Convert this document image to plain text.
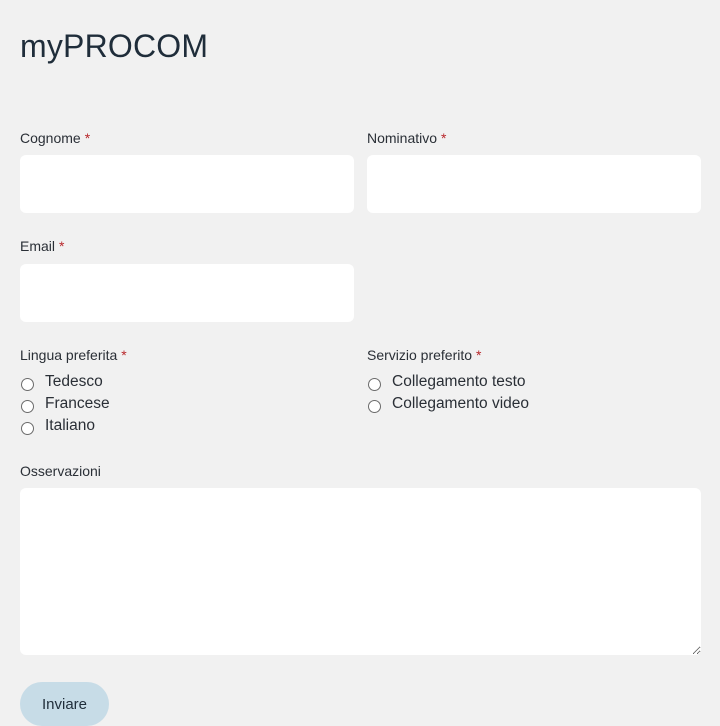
myPROCOM
Cognome *	Nominativo *
Email *
Lingua preferita *
Tedesco
Francese
Italiano
Servizio preferito *
Collegamento testo
Collegamento video
Osservazioni
Inviare
